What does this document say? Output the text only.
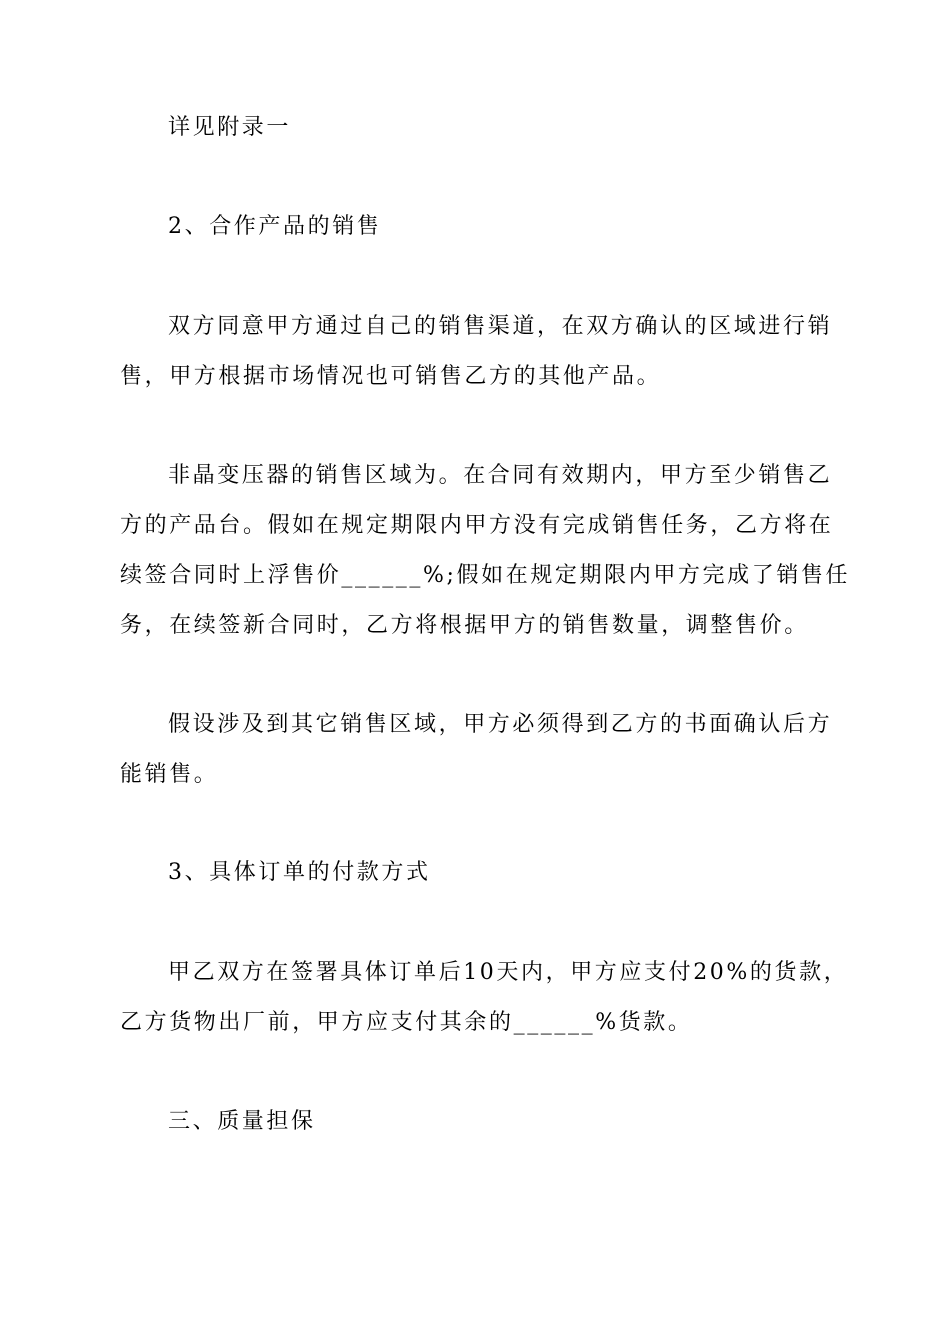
详见附录一
2、合作产品的销售
双方同意甲方通过自己的销售渠道，在双方确认的区域进行销
售，甲方根据市场情况也可销售乙方的其他产品。
非晶变压器的销售区域为。在合同有效期内，甲方至少销售乙
方的产品台。假如在规定期限内甲方没有完成销售任务，乙方将在
续签合同时上浮售价______%;假如在规定期限内甲方完成了销售任
务，在续签新合同时，乙方将根据甲方的销售数量，调整售价。
假设涉及到其它销售区域，甲方必须得到乙方的书面确认后方
能销售。
3、具体订单的付款方式
甲乙双方在签署具体订单后10天内，甲方应支付20%的货款，
乙方货物出厂前，甲方应支付其余的______%货款。
三、质量担保
